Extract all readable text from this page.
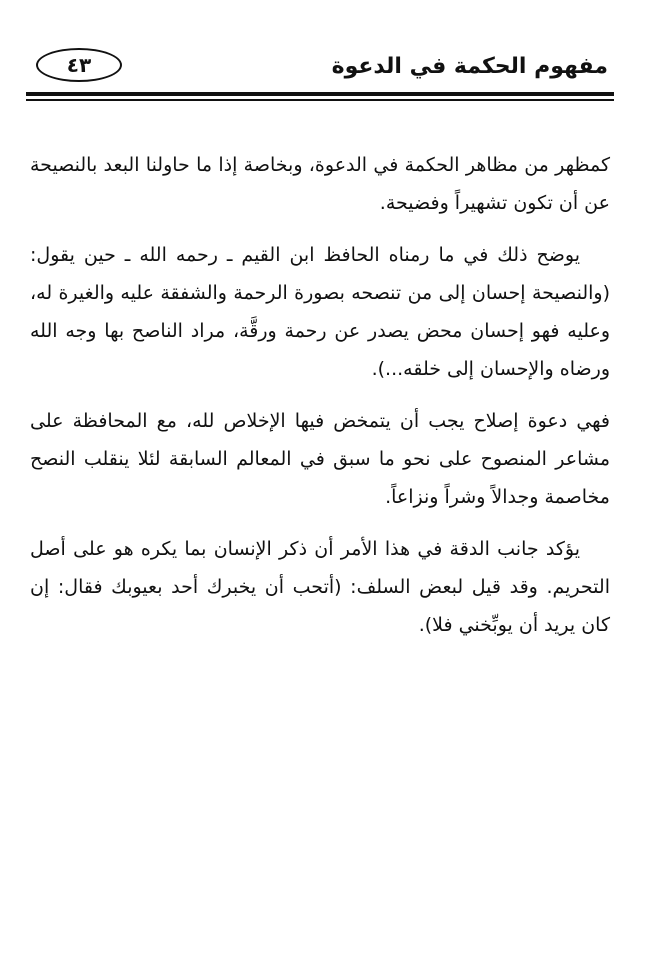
٤٣	مفهوم الحكمة في الدعوة

كمظهر من مظاهر الحكمة في الدعوة، وبخاصة إذا ما حاولنا البعد بالنصيحة عن أن تكون تشهيراً وفضيحة.

يوضح ذلك في ما رمناه الحافظ ابن القيم ـ رحمه الله ـ حين يقول: (والنصيحة إحسان إلى من تنصحه بصورة الرحمة والشفقة عليه والغيرة له، وعليه فهو إحسان محض يصدر عن رحمة ورقَّة، مراد الناصح بها وجه الله ورضاه والإحسان إلى خلقه...).

فهي دعوة إصلاح يجب أن يتمخض فيها الإخلاص لله، مع المحافظة على مشاعر المنصوح على نحو ما سبق في المعالم السابقة لئلا ينقلب النصح مخاصمة وجدالاً وشراً ونزاعاً.

يؤكد جانب الدقة في هذا الأمر أن ذكر الإنسان بما يكره هو على أصل التحريم. وقد قيل لبعض السلف: (أتحب أن يخبرك أحد بعيوبك فقال: إن كان يريد أن يوبِّخني فلا).
